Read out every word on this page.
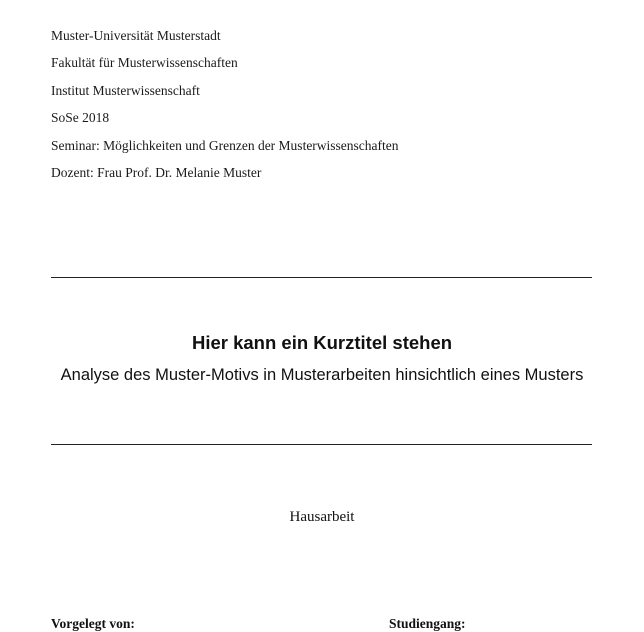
Muster-Universität Musterstadt
Fakultät für Musterwissenschaften
Institut Musterwissenschaft
SoSe 2018
Seminar: Möglichkeiten und Grenzen der Musterwissenschaften
Dozent: Frau Prof. Dr. Melanie Muster
Hier kann ein Kurztitel stehen
Analyse des Muster-Motivs in Musterarbeiten hinsichtlich eines Musters
Hausarbeit
Vorgelegt von:	Studiengang:
